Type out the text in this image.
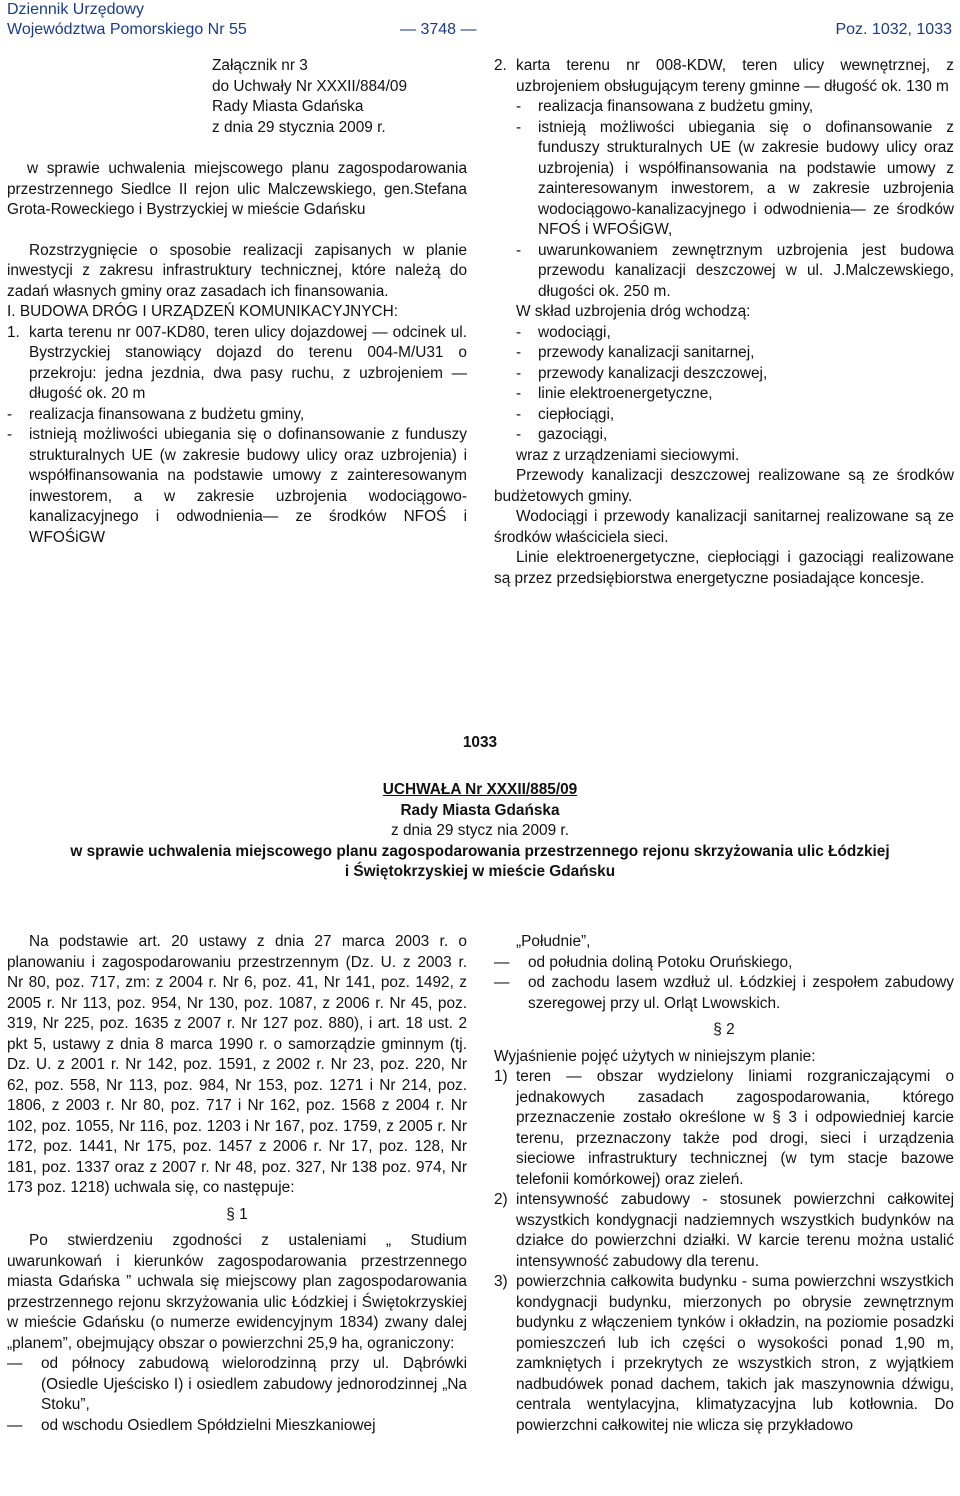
Dziennik Urzędowy
Województwa Pomorskiego Nr 55	— 3748 —	Poz. 1032, 1033
Załącznik nr 3
do Uchwały Nr XXXII/884/09
Rady Miasta Gdańska
z dnia 29 stycznia 2009 r.

w sprawie uchwalenia miejscowego planu zagospodarowania przestrzennego Siedlce II rejon ulic Malczewskiego, gen.Stefana Grota-Roweckiego i Bystrzyckiej w mieście Gdańsku

Rozstrzygnięcie o sposobie realizacji zapisanych w planie inwestycji z zakresu infrastruktury technicznej, które należą do zadań własnych gminy oraz zasadach ich finansowania.

I. BUDOWA DRÓG I URZĄDZEŃ KOMUNIKACYJNYCH:

1. karta terenu nr 007-KD80, teren ulicy dojazdowej — odcinek ul. Bystrzyckiej stanowiący dojazd do terenu 004-M/U31 o przekroju: jedna jezdnia, dwa pasy ruchu, z uzbrojeniem — długość ok. 20 m
- realizacja finansowana z budżetu gminy,
- istnieją możliwości ubiegania się o dofinansowanie z funduszy strukturalnych UE (w zakresie budowy ulicy oraz uzbrojenia) i współfinansowania na podstawie umowy z zainteresowanym inwestorem, a w zakresie uzbrojenia wodociągowo-kanalizacyjnego i odwodnienia— ze środków NFOŚ i WFOŚiGW
2. karta terenu nr 008-KDW, teren ulicy wewnętrznej, z uzbrojeniem obsługującym tereny gminne — długość ok. 130 m
- realizacja finansowana z budżetu gminy,
- istnieją możliwości ubiegania się o dofinansowanie z funduszy strukturalnych UE (w zakresie budowy ulicy oraz uzbrojenia) i współfinansowania na podstawie umowy z zainteresowanym inwestorem, a w zakresie uzbrojenia wodociągowo-kanalizacyjnego i odwodnienia— ze środków NFOŚ i WFOŚiGW,
- uwarunkowaniem zewnętrznym uzbrojenia jest budowa przewodu kanalizacji deszczowej w ul. J.Malczewskiego, długości ok. 250 m.

W skład uzbrojenia dróg wchodzą:

- wodociągi,
- przewody kanalizacji sanitarnej,
- przewody kanalizacji deszczowej,
- linie elektroenergetyczne,
- ciepłociągi,
- gazociągi,

wraz z urządzeniami sieciowymi.

Przewody kanalizacji deszczowej realizowane są ze środków budżetowych gminy.

Wodociągi i przewody kanalizacji sanitarnej realizowane są ze środków właściciela sieci.

Linie elektroenergetyczne, ciepłociągi i gazociągi realizowane są przez przedsiębiorstwa energetyczne posiadające koncesje.

1033
UCHWAŁA Nr XXXII/885/09
Rady Miasta Gdańska
z dnia 29 stycz nia 2009 r.
w sprawie uchwalenia miejscowego planu zagospodarowania przestrzennego rejonu skrzyżowania ulic Łódzkiej
i Świętokrzyskiej w mieście Gdańsku

Na podstawie art. 20 ustawy z dnia 27 marca 2003 r. o planowaniu i zagospodarowaniu przestrzennym (Dz. U. z 2003 r. Nr 80, poz. 717, zm: z 2004 r. Nr 6, poz. 41, Nr 141, poz. 1492, z 2005 r. Nr 113, poz. 954, Nr 130, poz. 1087, z 2006 r. Nr 45, poz. 319, Nr 225, poz. 1635 z 2007 r. Nr 127 poz. 880), i art. 18 ust. 2 pkt 5, ustawy z dnia 8 marca 1990 r. o samorządzie gminnym (tj. Dz. U. z 2001 r. Nr 142, poz. 1591, z 2002 r. Nr 23, poz. 220, Nr 62, poz. 558, Nr 113, poz. 984, Nr 153, poz. 1271 i Nr 214, poz. 1806, z 2003 r. Nr 80, poz. 717 i Nr 162, poz. 1568 z 2004 r. Nr 102, poz. 1055, Nr 116, poz. 1203 i Nr 167, poz. 1759, z 2005 r. Nr 172, poz. 1441, Nr 175, poz. 1457 z 2006 r. Nr 17, poz. 128, Nr 181, poz. 1337 oraz z 2007 r. Nr 48, poz. 327, Nr 138 poz. 974, Nr 173 poz. 1218) uchwala się, co następuje:

§ 1

Po stwierdzeniu zgodności z ustaleniami „ Studium uwarunkowań i kierunków zagospodarowania przestrzennego miasta Gdańska ” uchwala się miejscowy plan zagospodarowania przestrzennego rejonu skrzyżowania ulic Łódzkiej i Świętokrzyskiej w mieście Gdańsku (o numerze ewidencyjnym 1834) zwany dalej „planem”, obejmujący obszar o powierzchni 25,9 ha, ograniczony:

— od północy zabudową wielorodzinną przy ul. Dąbrówki (Osiedle Ujeścisko I) i osiedlem zabudowy jednorodzinnej „Na Stoku”,
— od wschodu Osiedlem Spółdzielni Mieszkaniowej

„Południe”,

— od południa doliną Potoku Oruńskiego,
— od zachodu lasem wzdłuż ul. Łódzkiej i zespołem zabudowy szeregowej przy ul. Orląt Lwowskich.
§ 2

Wyjaśnienie pojęć użytych w niniejszym planie:

1) teren — obszar wydzielony liniami rozgraniczającymi o jednakowych zasadach zagospodarowania, którego przeznaczenie zostało określone w § 3 i odpowiedniej karcie terenu, przeznaczony także pod drogi, sieci i urządzenia sieciowe infrastruktury technicznej (w tym stacje bazowe telefonii komórkowej) oraz zieleń.
2) intensywność zabudowy - stosunek powierzchni całkowitej wszystkich kondygnacji nadziemnych wszystkich budynków na działce do powierzchni działki. W karcie terenu można ustalić intensywność zabudowy dla terenu.
3) powierzchnia całkowita budynku - suma powierzchni wszystkich kondygnacji budynku, mierzonych po obrysie zewnętrznym budynku z włączeniem tynków i okładzin, na poziomie posadzki pomieszczeń lub ich części o wysokości ponad 1,90 m, zamkniętych i przekrytych ze wszystkich stron, z wyjątkiem nadbudówek ponad dachem, takich jak maszynownia dźwigu, centrala wentylacyjna, klimatyzacyjna lub kotłownia. Do powierzchni całkowitej nie wlicza się przykładowo
